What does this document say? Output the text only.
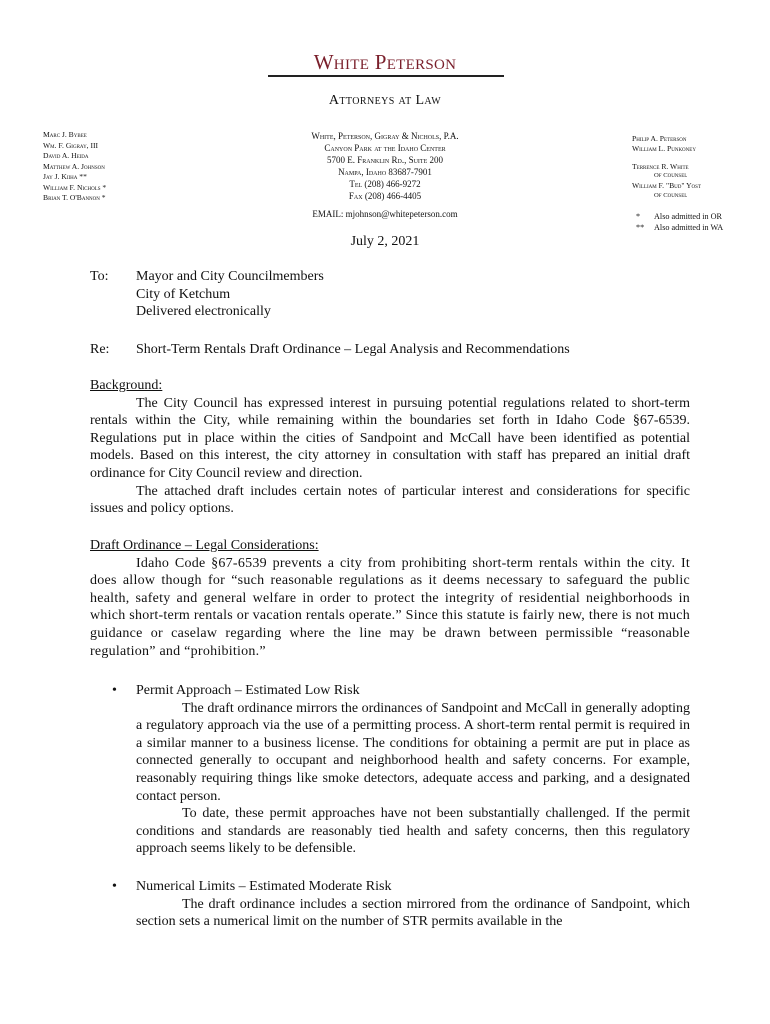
White Peterson
Attorneys at Law
Marc J. Bybee
Wm. F. Gigray, III
David A. Heida
Matthew A. Johnson
Jay J. Kiiha **
William F. Nichols *
Brian T. O'Bannon *
White, Peterson, Gigray & Nichols, P.A.
Canyon Park at the Idaho Center
5700 E. Franklin Rd., Suite 200
Nampa, Idaho 83687-7901
Tel (208) 466-9272
Fax (208) 466-4405
EMAIL: mjohnson@whitepeterson.com
Philip A. Peterson
William L. Punkoney
Terrence R. White
Of Counsel
William F. "Bud" Yost
Of Counsel
* Also admitted in OR
** Also admitted in WA
July 2, 2021
To: Mayor and City Councilmembers
City of Ketchum
Delivered electronically
Re: Short-Term Rentals Draft Ordinance – Legal Analysis and Recommendations
Background:
The City Council has expressed interest in pursuing potential regulations related to short-term rentals within the City, while remaining within the boundaries set forth in Idaho Code §67-6539. Regulations put in place within the cities of Sandpoint and McCall have been identified as potential models. Based on this interest, the city attorney in consultation with staff has prepared an initial draft ordinance for City Council review and direction.
The attached draft includes certain notes of particular interest and considerations for specific issues and policy options.
Draft Ordinance – Legal Considerations:
Idaho Code §67-6539 prevents a city from prohibiting short-term rentals within the city. It does allow though for “such reasonable regulations as it deems necessary to safeguard the public health, safety and general welfare in order to protect the integrity of residential neighborhoods in which short-term rentals or vacation rentals operate.” Since this statute is fairly new, there is not much guidance or caselaw regarding where the line may be drawn between permissible “reasonable regulation” and “prohibition.”
• Permit Approach – Estimated Low Risk
The draft ordinance mirrors the ordinances of Sandpoint and McCall in generally adopting a regulatory approach via the use of a permitting process. A short-term rental permit is required in a similar manner to a business license. The conditions for obtaining a permit are put in place as connected generally to occupant and neighborhood health and safety concerns. For example, reasonably requiring things like smoke detectors, adequate access and parking, and a designated contact person.
To date, these permit approaches have not been substantially challenged. If the permit conditions and standards are reasonably tied health and safety concerns, then this regulatory approach seems likely to be defensible.
• Numerical Limits – Estimated Moderate Risk
The draft ordinance includes a section mirrored from the ordinance of Sandpoint, which section sets a numerical limit on the number of STR permits available in the
